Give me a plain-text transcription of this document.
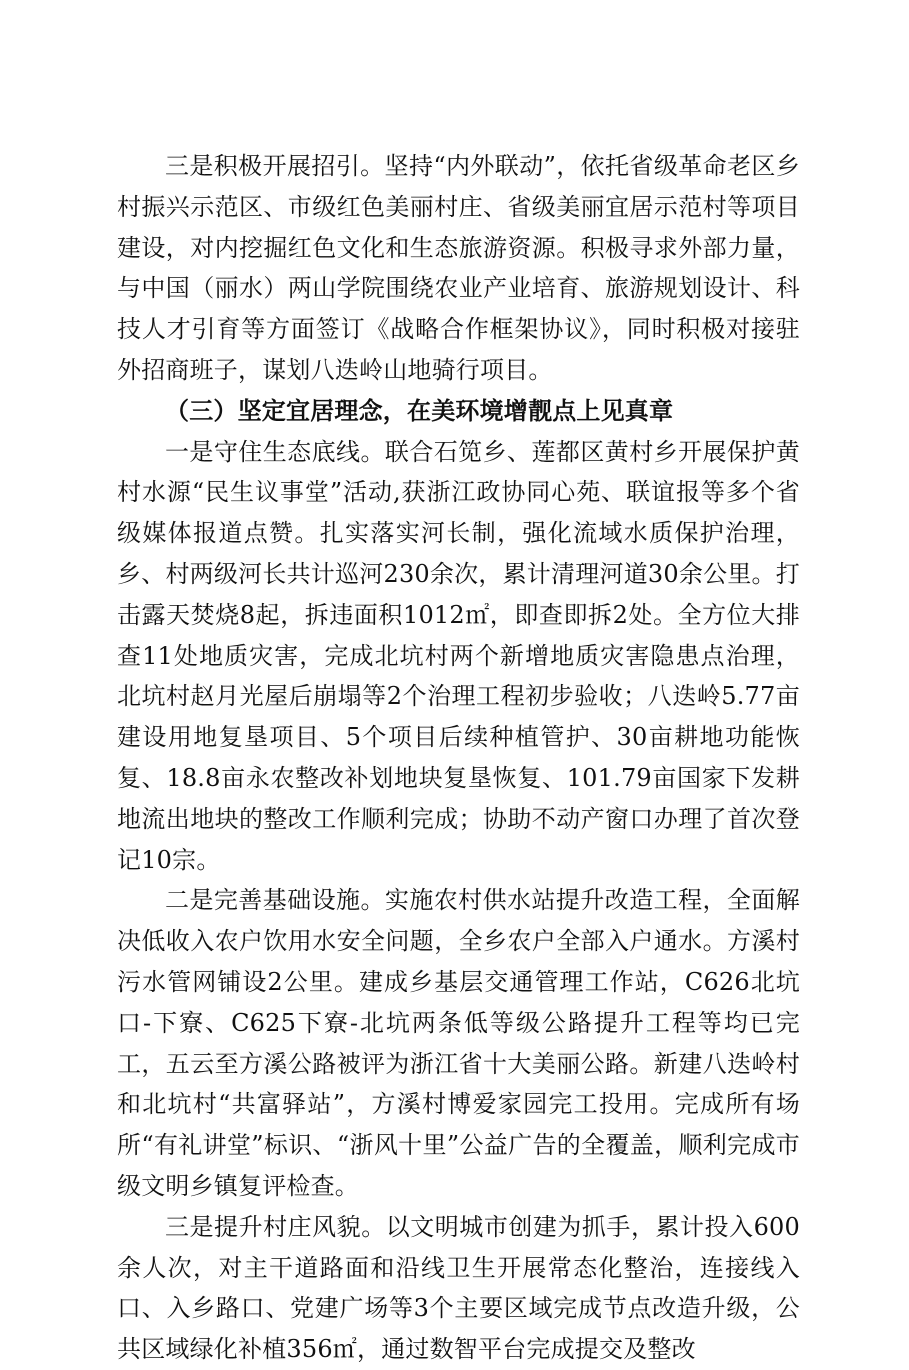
三是积极开展招引。坚持“内外联动”，依托省级革命老区乡村振兴示范区、市级红色美丽村庄、省级美丽宜居示范村等项目建设，对内挖掘红色文化和生态旅游资源。积极寻求外部力量，与中国（丽水）两山学院围绕农业产业培育、旅游规划设计、科技人才引育等方面签订《战略合作框架协议》，同时积极对接驻外招商班子，谋划八迭岭山地骑行项目。

（三）坚定宜居理念，在美环境增靓点上见真章

一是守住生态底线。联合石笕乡、莲都区黄村乡开展保护黄村水源“民生议事堂”活动,获浙江政协同心苑、联谊报等多个省级媒体报道点赞。扎实落实河长制，强化流域水质保护治理，乡、村两级河长共计巡河230余次，累计清理河道30余公里。打击露天焚烧8起，拆违面积1012㎡，即查即拆2处。全方位大排查11处地质灾害，完成北坑村两个新增地质灾害隐患点治理，北坑村赵月光屋后崩塌等2个治理工程初步验收；八迭岭5.77亩建设用地复垦项目、5个项目后续种植管护、30亩耕地功能恢复、18.8亩永农整改补划地块复垦恢复、101.79亩国家下发耕地流出地块的整改工作顺利完成；协助不动产窗口办理了首次登记10宗。

二是完善基础设施。实施农村供水站提升改造工程，全面解决低收入农户饮用水安全问题，全乡农户全部入户通水。方溪村污水管网铺设2公里。建成乡基层交通管理工作站，C626北坑口-下寮、C625下寮-北坑两条低等级公路提升工程等均已完工，五云至方溪公路被评为浙江省十大美丽公路。新建八迭岭村和北坑村“共富驿站”，方溪村博爱家园完工投用。完成所有场所“有礼讲堂”标识、“浙风十里”公益广告的全覆盖，顺利完成市级文明乡镇复评检查。

三是提升村庄风貌。以文明城市创建为抓手，累计投入600余人次，对主干道路面和沿线卫生开展常态化整治，连接线入口、入乡路口、党建广场等3个主要区域完成节点改造升级，公共区域绿化补植356㎡，通过数智平台完成提交及整改
